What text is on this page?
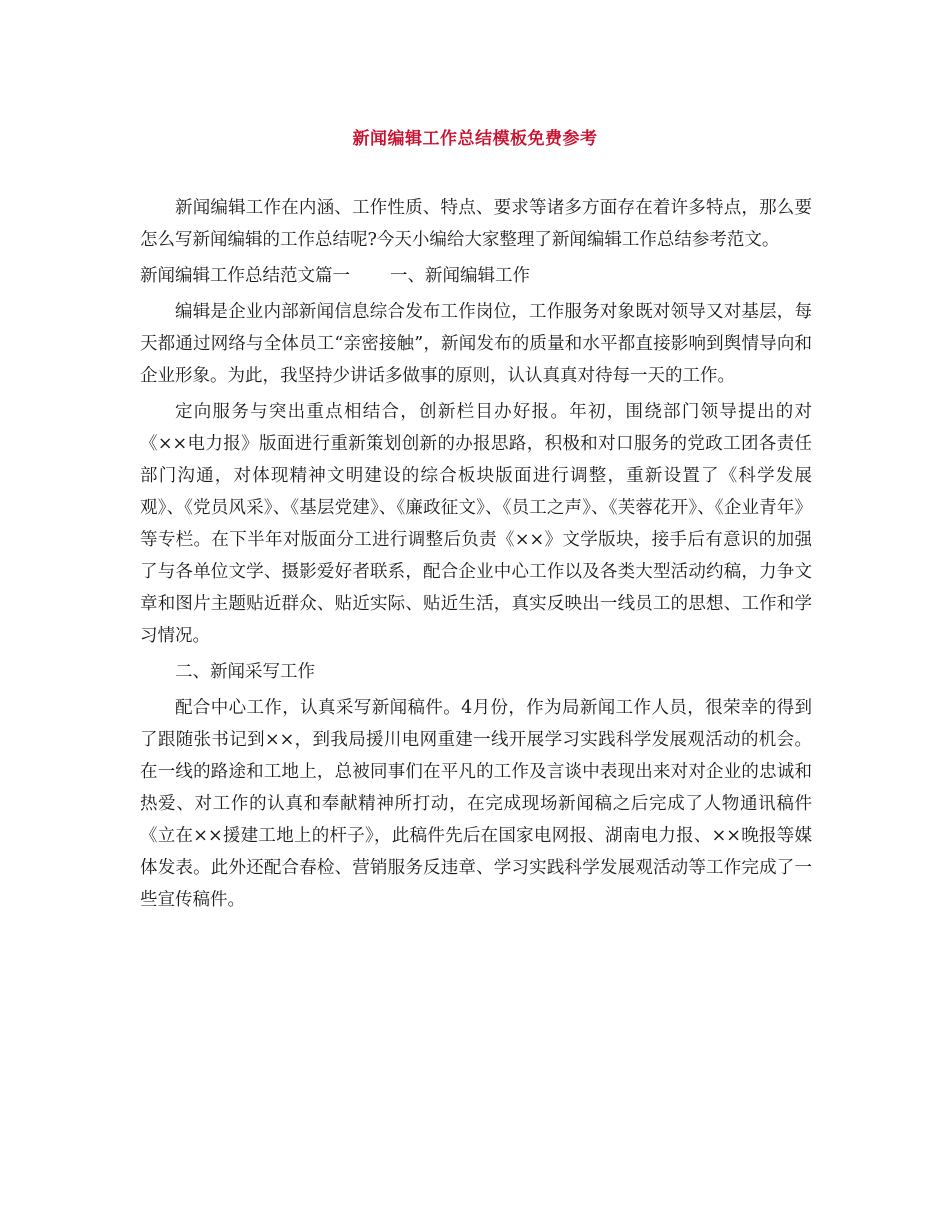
新闻编辑工作总结模板免费参考

新闻编辑工作在内涵、工作性质、特点、要求等诸多方面存在着许多特点，那么要怎么写新闻编辑的工作总结呢?今天小编给大家整理了新闻编辑工作总结参考范文。

新闻编辑工作总结范文篇一 一、新闻编辑工作

编辑是企业内部新闻信息综合发布工作岗位，工作服务对象既对领导又对基层，每天都通过网络与全体员工“亲密接触”，新闻发布的质量和水平都直接影响到舆情导向和企业形象。为此，我坚持少讲话多做事的原则，认认真真对待每一天的工作。

定向服务与突出重点相结合，创新栏目办好报。年初，围绕部门领导提出的对《××电力报》版面进行重新策划创新的办报思路，积极和对口服务的党政工团各责任部门沟通，对体现精神文明建设的综合板块版面进行调整，重新设置了《科学发展观》、《党员风采》、《基层党建》、《廉政征文》、《员工之声》、《芙蓉花开》、《企业青年》等专栏。在下半年对版面分工进行调整后负责《××》文学版块，接手后有意识的加强了与各单位文学、摄影爱好者联系，配合企业中心工作以及各类大型活动约稿，力争文章和图片主题贴近群众、贴近实际、贴近生活，真实反映出一线员工的思想、工作和学习情况。

二、新闻采写工作

配合中心工作，认真采写新闻稿件。4月份，作为局新闻工作人员，很荣幸的得到了跟随张书记到××，到我局援川电网重建一线开展学习实践科学发展观活动的机会。在一线的路途和工地上，总被同事们在平凡的工作及言谈中表现出来对对企业的忠诚和热爱、对工作的认真和奉献精神所打动，在完成现场新闻稿之后完成了人物通讯稿件《立在××援建工地上的杆子》，此稿件先后在国家电网报、湖南电力报、××晚报等媒体发表。此外还配合春检、营销服务反违章、学习实践科学发展观活动等工作完成了一些宣传稿件。
